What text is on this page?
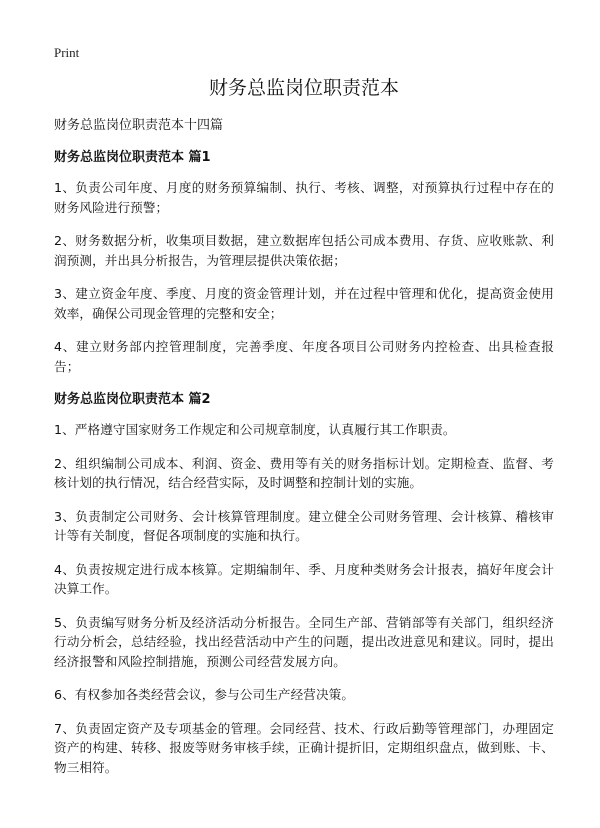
Print
财务总监岗位职责范本
财务总监岗位职责范本十四篇
财务总监岗位职责范本 篇1

1、负责公司年度、月度的财务预算编制、执行、考核、调整，对预算执行过程中存在的财务风险进行预警；

2、财务数据分析，收集项目数据，建立数据库包括公司成本费用、存货、应收账款、利润预测，并出具分析报告，为管理层提供决策依据；

3、建立资金年度、季度、月度的资金管理计划，并在过程中管理和优化，提高资金使用效率，确保公司现金管理的完整和安全；

4、建立财务部内控管理制度，完善季度、年度各项目公司财务内控检查、出具检查报告；

财务总监岗位职责范本 篇2

1、严格遵守国家财务工作规定和公司规章制度，认真履行其工作职责。

2、组织编制公司成本、利润、资金、费用等有关的财务指标计划。定期检查、监督、考核计划的执行情况，结合经营实际，及时调整和控制计划的实施。

3、负责制定公司财务、会计核算管理制度。建立健全公司财务管理、会计核算、稽核审计等有关制度，督促各项制度的实施和执行。

4、负责按规定进行成本核算。定期编制年、季、月度种类财务会计报表，搞好年度会计决算工作。

5、负责编写财务分析及经济活动分析报告。全同生产部、营销部等有关部门，组织经济行动分析会，总结经验，找出经营活动中产生的问题，提出改进意见和建议。同时，提出经济报警和风险控制措施，预测公司经营发展方向。

6、有权参加各类经营会议，参与公司生产经营决策。

7、负责固定资产及专项基金的管理。会同经营、技术、行政后勤等管理部门，办理固定资产的构建、转移、报废等财务审核手续，正确计提折旧，定期组织盘点，做到账、卡、物三相符。
